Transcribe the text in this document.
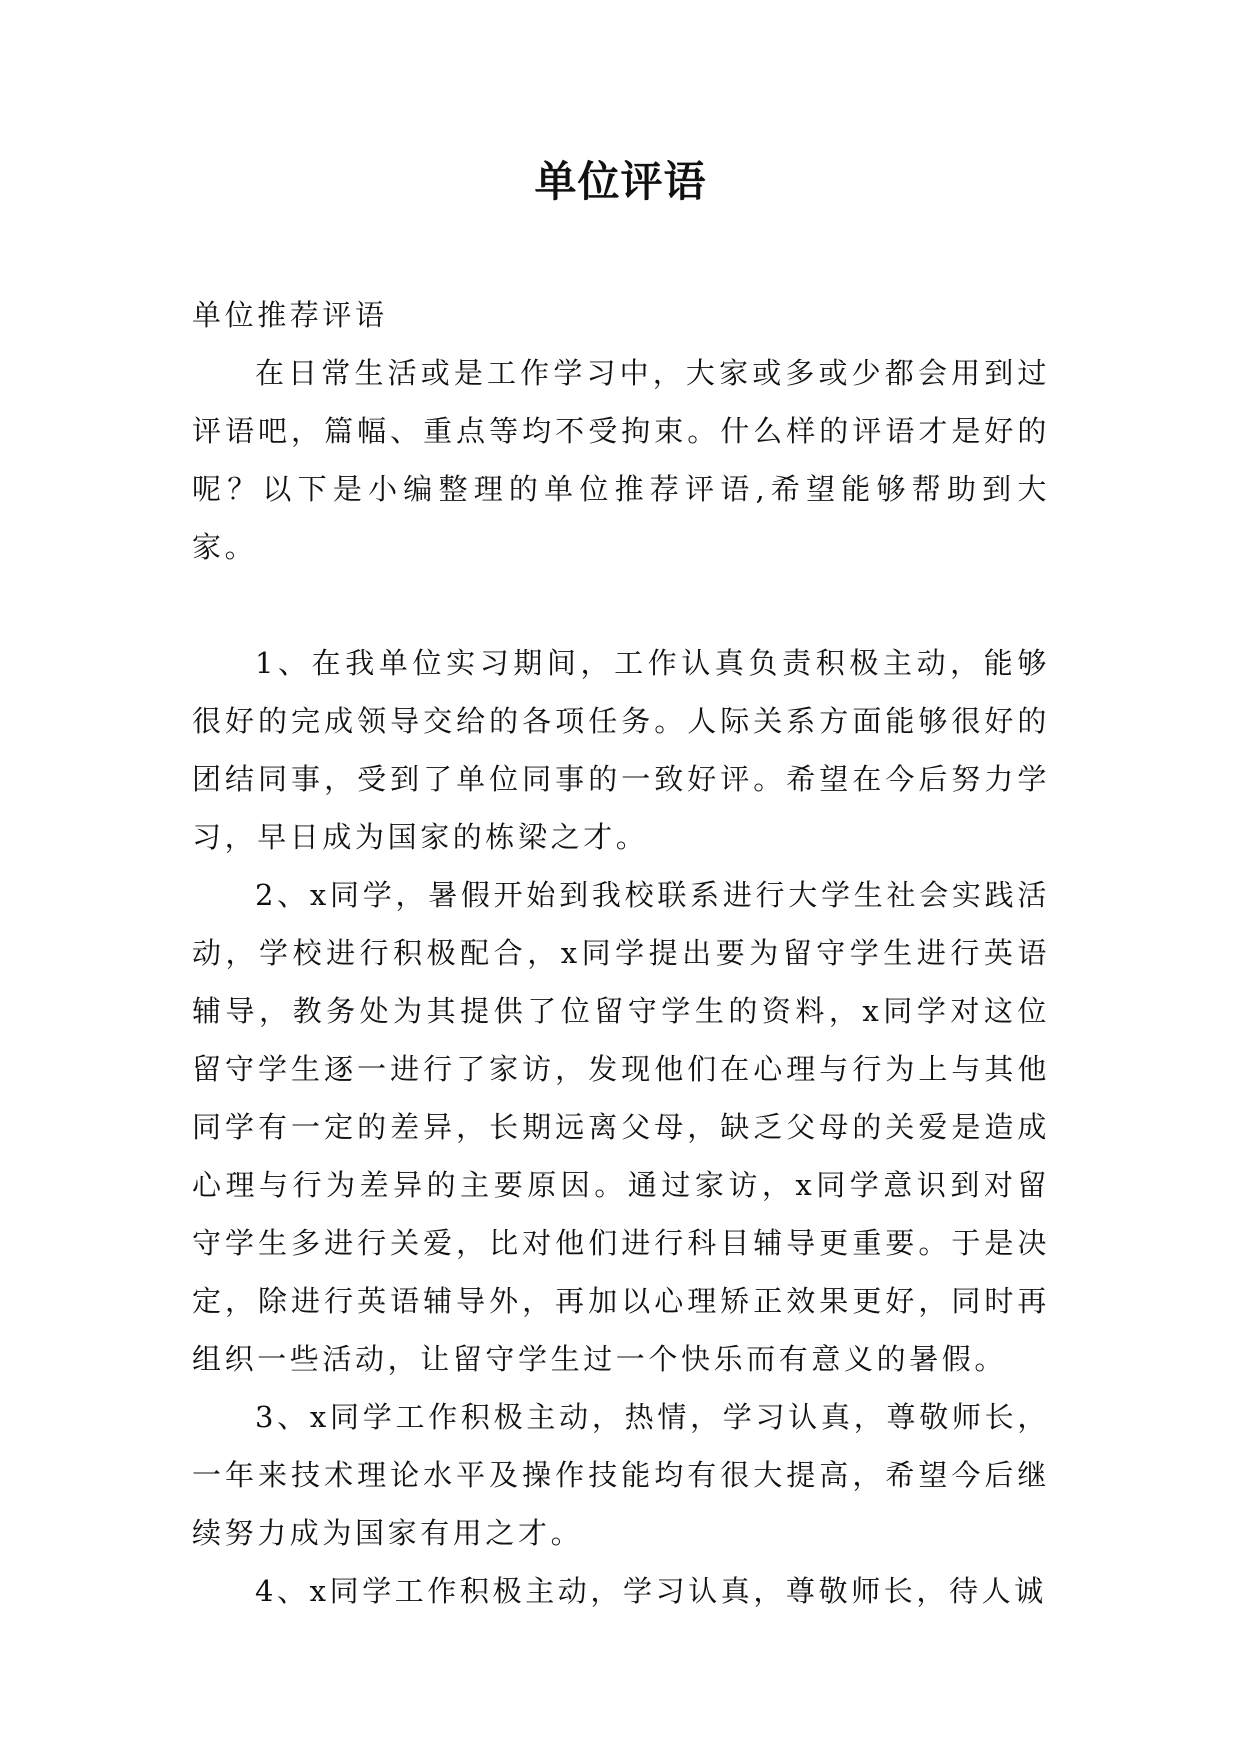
单位评语

单位推荐评语

在日常生活或是工作学习中，大家或多或少都会用到过评语吧，篇幅、重点等均不受拘束。什么样的评语才是好的呢？以下是小编整理的单位推荐评语,希望能够帮助到大家。

1、在我单位实习期间，工作认真负责积极主动，能够很好的完成领导交给的各项任务。人际关系方面能够很好的团结同事，受到了单位同事的一致好评。希望在今后努力学习，早日成为国家的栋梁之才。

2、x同学，暑假开始到我校联系进行大学生社会实践活动，学校进行积极配合，x同学提出要为留守学生进行英语辅导，教务处为其提供了位留守学生的资料，x同学对这位留守学生逐一进行了家访，发现他们在心理与行为上与其他同学有一定的差异，长期远离父母，缺乏父母的关爱是造成心理与行为差异的主要原因。通过家访，x同学意识到对留守学生多进行关爱，比对他们进行科目辅导更重要。于是决定，除进行英语辅导外，再加以心理矫正效果更好，同时再组织一些活动，让留守学生过一个快乐而有意义的暑假。

3、x同学工作积极主动，热情，学习认真，尊敬师长，一年来技术理论水平及操作技能均有很大提高，希望今后继续努力成为国家有用之才。

4、x同学工作积极主动，学习认真，尊敬师长，待人诚
